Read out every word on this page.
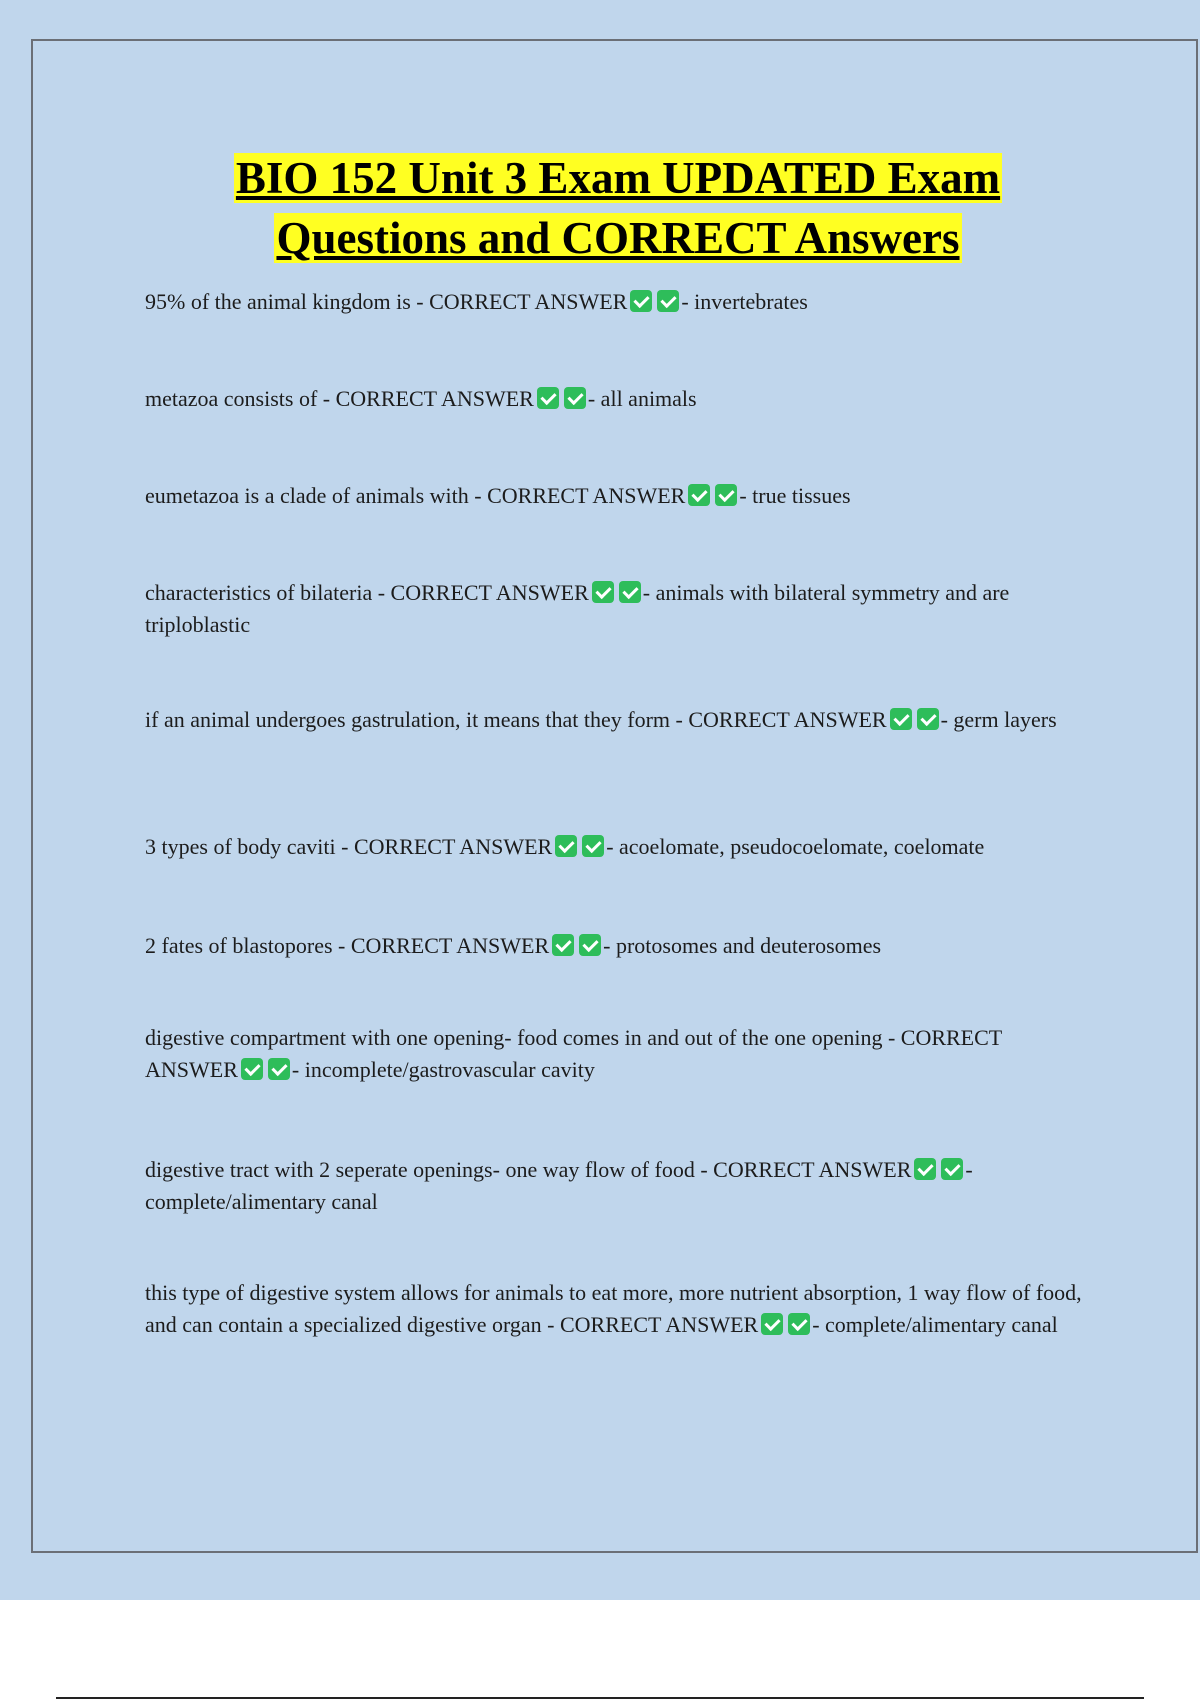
BIO 152 Unit 3 Exam UPDATED Exam
Questions and CORRECT Answers

95% of the animal kingdom is - CORRECT ANSWER - invertebrates

metazoa consists of - CORRECT ANSWER - all animals

eumetazoa is a clade of animals with - CORRECT ANSWER - true tissues

characteristics of bilateria - CORRECT ANSWER - animals with bilateral symmetry and are triploblastic

if an animal undergoes gastrulation, it means that they form - CORRECT ANSWER - germ layers

3 types of body caviti - CORRECT ANSWER - acoelomate, pseudocoelomate, coelomate

2 fates of blastopores - CORRECT ANSWER - protosomes and deuterosomes

digestive compartment with one opening- food comes in and out of the one opening - CORRECT ANSWER - incomplete/gastrovascular cavity

digestive tract with 2 seperate openings- one way flow of food - CORRECT ANSWER - complete/alimentary canal

this type of digestive system allows for animals to eat more, more nutrient absorption, 1 way flow of food, and can contain a specialized digestive organ - CORRECT ANSWER - complete/alimentary canal
